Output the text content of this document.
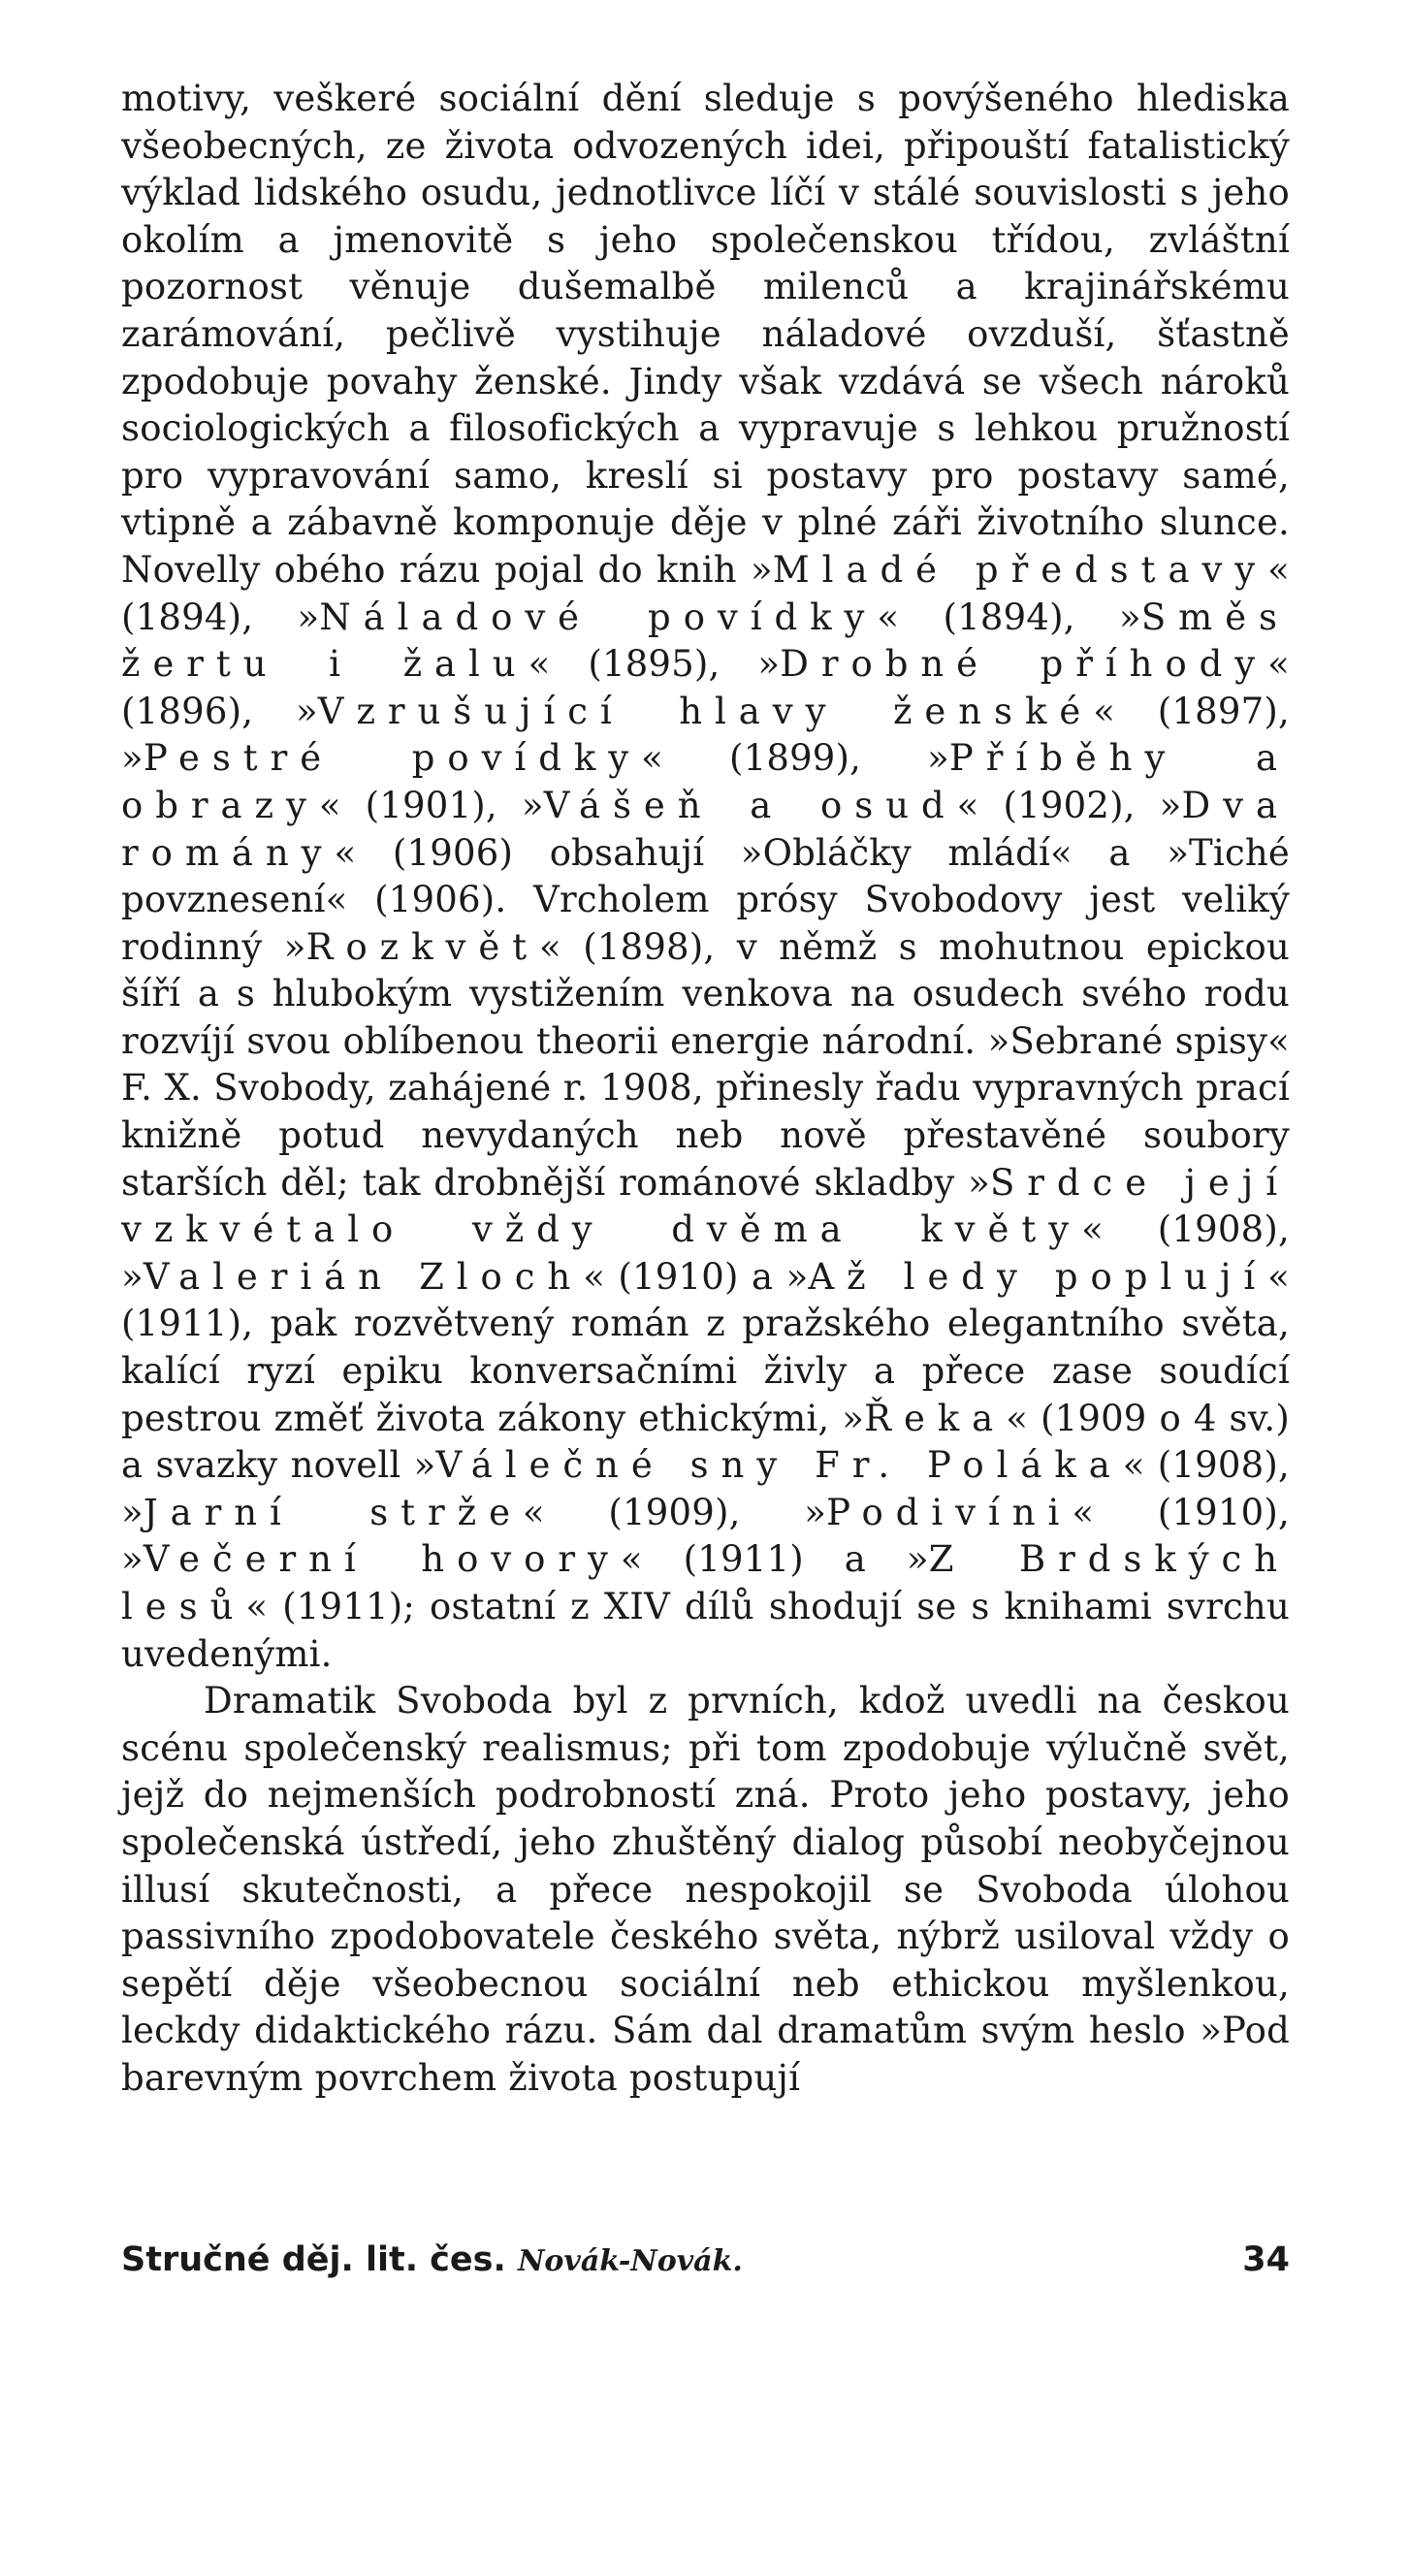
motivy, veškeré sociální dění sleduje s povýšeného hlediska všeobecných, ze života odvozených idei, připouští fatalistický výklad lidského osudu, jednotlivce líčí v stálé souvislosti s jeho okolím a jmenovitě s jeho společenskou třídou, zvláštní pozornost věnuje dušemalbě milenců a krajinářskému zarámování, pečlivě vystihuje náladové ovzduší, šťastně zpodobuje povahy ženské. Jindy však vzdává se všech nároků sociologických a filosofických a vypravuje s lehkou pružností pro vypravování samo, kreslí si postavy pro postavy samé, vtipně a zábavně komponuje děje v plné záři životního slunce. Novelly obého rázu pojal do knih »Mladé představy« (1894), »Náladové povídky« (1894), »Směs žertu i žalu« (1895), »Drobné příhody« (1896), »Vzrušující hlavy ženské« (1897), »Pestré povídky« (1899), »Příběhy a obrazy« (1901), »Vášeň a osud« (1902), »Dva romány« (1906) obsahují »Obláčky mládí« a »Tiché povznesení« (1906). Vrcholem prósy Svobodovy jest veliký rodinný »Rozkvět« (1898), v němž s mohutnou epickou šíří a s hlubokým vystižením venkova na osudech svého rodu rozvíjí svou oblíbenou theorii energie národní. »Sebrané spisy« F. X. Svobody, zahájené r. 1908, přinesly řadu vypravných prací knižně potud nevydaných neb nově přestavěné soubory starších děl; tak drobnější románové skladby »Srdce její vzkvétalo vždy dvěma květy« (1908), »Valerián Zloch« (1910) a »Až ledy poplují« (1911), pak rozvětvený román z pražského elegantního světa, kalící ryzí epiku konversačními živly a přece zase soudící pestrou změť života zákony ethickými, »Řeka« (1909 o 4 sv.) a svazky novell »Válečné sny Fr. Poláka« (1908), »Jarní strže« (1909), »Podivíni« (1910), »Večerní hovory« (1911) a »Z Brdských lesů« (1911); ostatní z XIV dílů shodují se s knihami svrchu uvedenými.

Dramatik Svoboda byl z prvních, kdož uvedli na českou scénu společenský realismus; při tom zpodobuje výlučně svět, jejž do nejmenších podrobností zná. Proto jeho postavy, jeho společenská ústředí, jeho zhuštěný dialog působí neobyčejnou illusí skutečnosti, a přece nespokojil se Svoboda úlohou passivního zpodobovatele českého světa, nýbrž usiloval vždy o sepětí děje všeobecnou sociální neb ethickou myšlenkou, leckdy didaktického rázu. Sám dal dramatům svým heslo »Pod barevným povrchem života postupují

Stručné děj. lit. čes. Novák-Novák.	34
